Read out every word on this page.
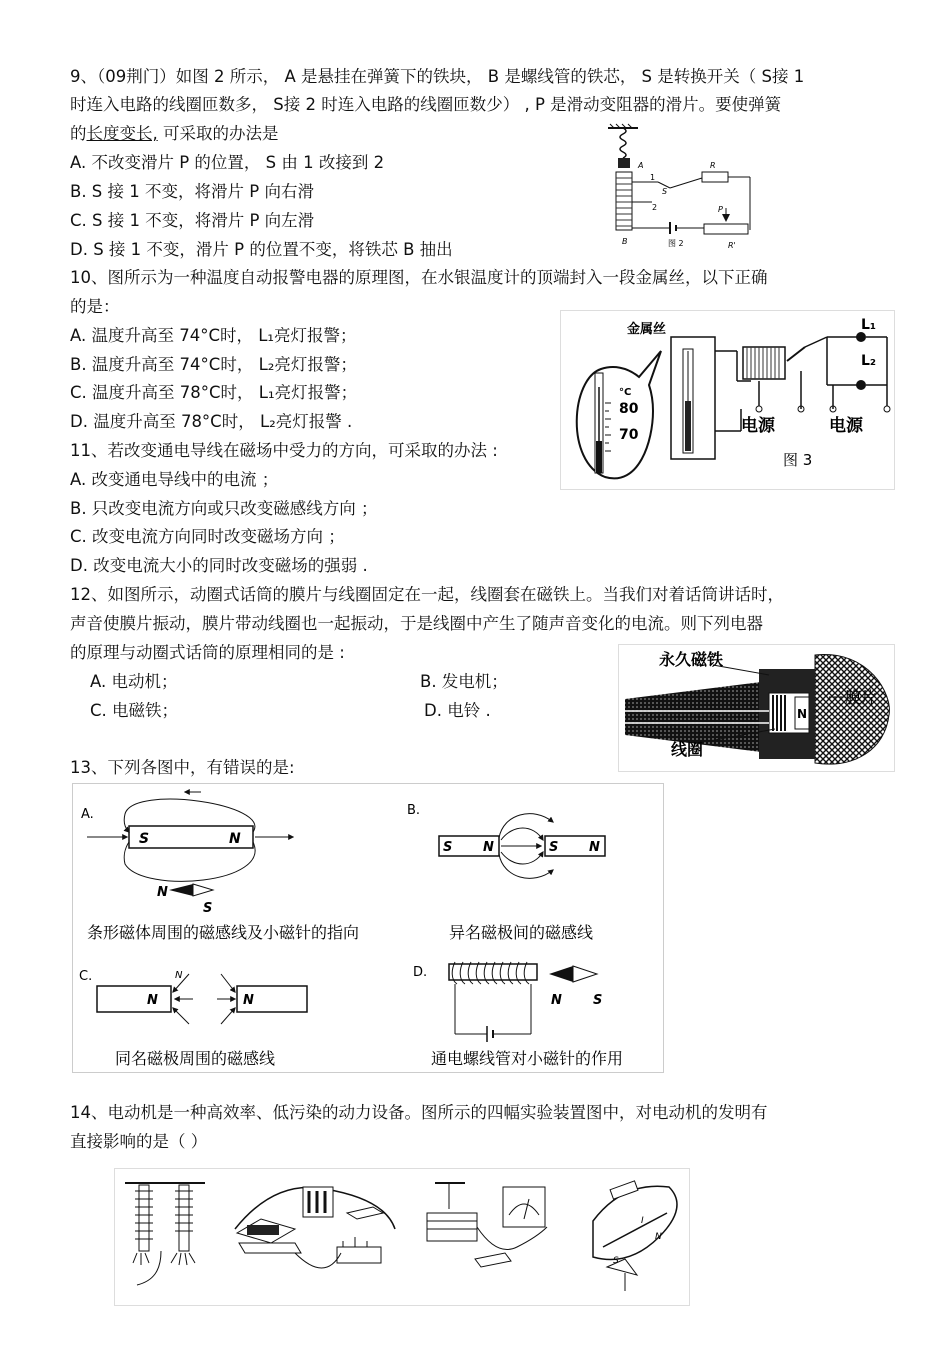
9、（09荆门）如图 2 所示， A 是悬挂在弹簧下的铁块， B 是螺线管的铁芯， S 是转换开关（ S接 1
时连入电路的线圈匝数多， S接 2 时连入电路的线圈匝数少） , P 是滑动变阻器的滑片。要使弹簧
的长度变长, 可采取的办法是
A. 不改变滑片 P 的位置， S 由 1 改接到 2
B. S 接 1 不变，将滑片 P 向右滑
C. S 接 1 不变，将滑片 P 向左滑
D. S 接 1 不变，滑片 P 的位置不变，将铁芯 B 抽出
A
B
S
1
2
R
P
R'
图 2
10、图所示为一种温度自动报警电器的原理图，在水银温度计的顶端封入一段金属丝，以下正确
的是：
A. 温度升高至 74°C时， L₁亮灯报警；
B. 温度升高至 74°C时， L₂亮灯报警；
C. 温度升高至 78°C时， L₁亮灯报警；
D. 温度升高至 78°C时， L₂亮灯报警 .
°C
80
70
金属丝	L₁
L₂
电源	电源
图 3
11、若改变通电导线在磁场中受力的方向，可采取的办法 :
A. 改变通电导线中的电流 ；
B. 只改变电流方向或只改变磁感线方向 ；
C. 改变电流方向同时改变磁场方向 ；
D. 改变电流大小的同时改变磁场的强弱 .
12、如图所示，动圈式话筒的膜片与线圈固定在一起，线圈套在磁铁上。当我们对着话筒讲话时，
声音使膜片振动，膜片带动线圈也一起振动，于是线圈中产生了随声音变化的电流。则下列电器
的原理与动圈式话筒的原理相同的是 :
A. 电动机；	B. 发电机；
C. 电磁铁；	D. 电铃 .	N
永久磁铁
膜片
线圈
13、下列各图中，有错误的是:
A.
S	N
N
S
条形磁体周围的磁感线及小磁针的指向
B.
S N	S N
异名磁极间的磁感线
C.
N	N
N
同名磁极周围的磁感线
D.
N S
通电螺线管对小磁针的作用
14、电动机是一种高效率、低污染的动力设备。图所示的四幅实验装置图中，对电动机的发明有
直接影响的是（ ）
I
S
N
